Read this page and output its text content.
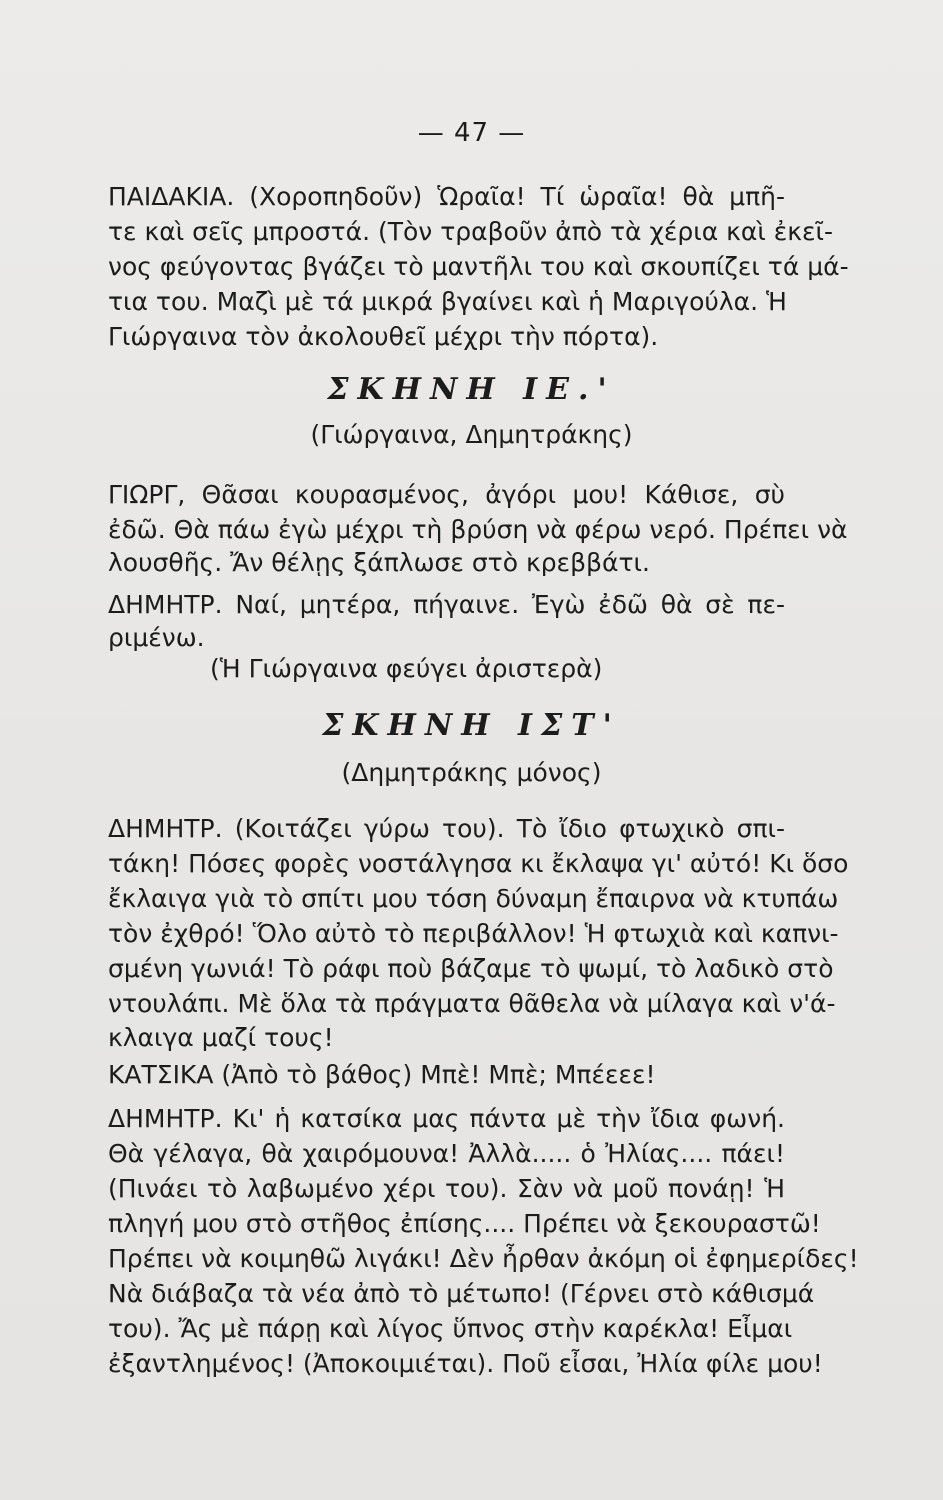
— 47 —
ΠΑΙΔΑΚΙΑ. (Χοροπηδοῦν) Ὡραῖα! Τί ὡραῖα! θὰ μπῆ-
τε καὶ σεῖς μπροστά. (Τὸν τραβοῦν ἀπὸ τὰ χέρια καὶ ἐκεῖ-
νος φεύγοντας βγάζει τὸ μαντῆλι του καὶ σκουπίζει τά μά-
τια του. Μαζὶ μὲ τά μικρά βγαίνει καὶ ἡ Μαριγούλα. Ἡ
Γιώργαινα τὸν ἀκολουθεῖ μέχρι τὴν πόρτα).
ΣΚΗΝΗ ΙΕ.'
(Γιώργαινα, Δημητράκης)
ΓΙΩΡΓ, Θᾶσαι κουρασμένος, ἀγόρι μου! Κάθισε, σὺ
ἐδῶ. Θὰ πάω ἐγὼ μέχρι τὴ βρύση νὰ φέρω νερό. Πρέπει νὰ
λουσθῆς. Ἄν θέλῃς ξάπλωσε στὸ κρεββάτι.
ΔΗΜΗΤΡ. Ναί, μητέρα, πήγαινε. Ἐγὼ ἐδῶ θὰ σὲ πε-
ριμένω.
(Ἡ Γιώργαινα φεύγει ἀριστερὰ)
ΣΚΗΝΗ ΙΣΤ'
(Δημητράκης μόνος)
ΔΗΜΗΤΡ. (Κοιτάζει γύρω του). Τὸ ἴδιο φτωχικὸ σπι-
τάκη! Πόσες φορὲς νοστάλγησα κι ἔκλαψα γι' αὐτό! Κι ὅσο
ἔκλαιγα γιὰ τὸ σπίτι μου τόση δύναμη ἔπαιρνα νὰ κτυπάω
τὸν ἐχθρό! Ὅλο αὐτὸ τὸ περιβάλλον! Ἡ φτωχιὰ καὶ καπνι-
σμένη γωνιά! Τὸ ράφι ποὺ βάζαμε τὸ ψωμί, τὸ λαδικὸ στὸ
ντουλάπι. Μὲ ὅλα τὰ πράγματα θᾶθελα νὰ μίλαγα καὶ ν'ά-
κλαιγα μαζί τους!
ΚΑΤΣΙΚΑ (Ἀπὸ τὸ βάθος) Μπὲ! Μπὲ; Μπέεεε!
ΔΗΜΗΤΡ. Κι' ἡ κατσίκα μας πάντα μὲ τὴν ἴδια φωνή.
Θὰ γέλαγα, θὰ χαιρόμουνα! Ἀλλὰ..... ὁ Ἠλίας.... πάει!
(Πινάει τὸ λαβωμένο χέρι του). Σὰν νὰ μοῦ πονάῃ! Ἡ
πληγή μου στὸ στῆθος ἐπίσης.... Πρέπει νὰ ξεκουραστῶ!
Πρέπει νὰ κοιμηθῶ λιγάκι! Δὲν ἦρθαν ἀκόμη οἱ ἐφημερίδες!
Νὰ διάβαζα τὰ νέα ἀπὸ τὸ μέτωπο! (Γέρνει στὸ κάθισμά
του). Ἄς μὲ πάρῃ καὶ λίγος ὕπνος στὴν καρέκλα! Εἶμαι
ἐξαντλημένος! (Ἀποκοιμιέται). Ποῦ εἶσαι, Ἠλία φίλε μου!
